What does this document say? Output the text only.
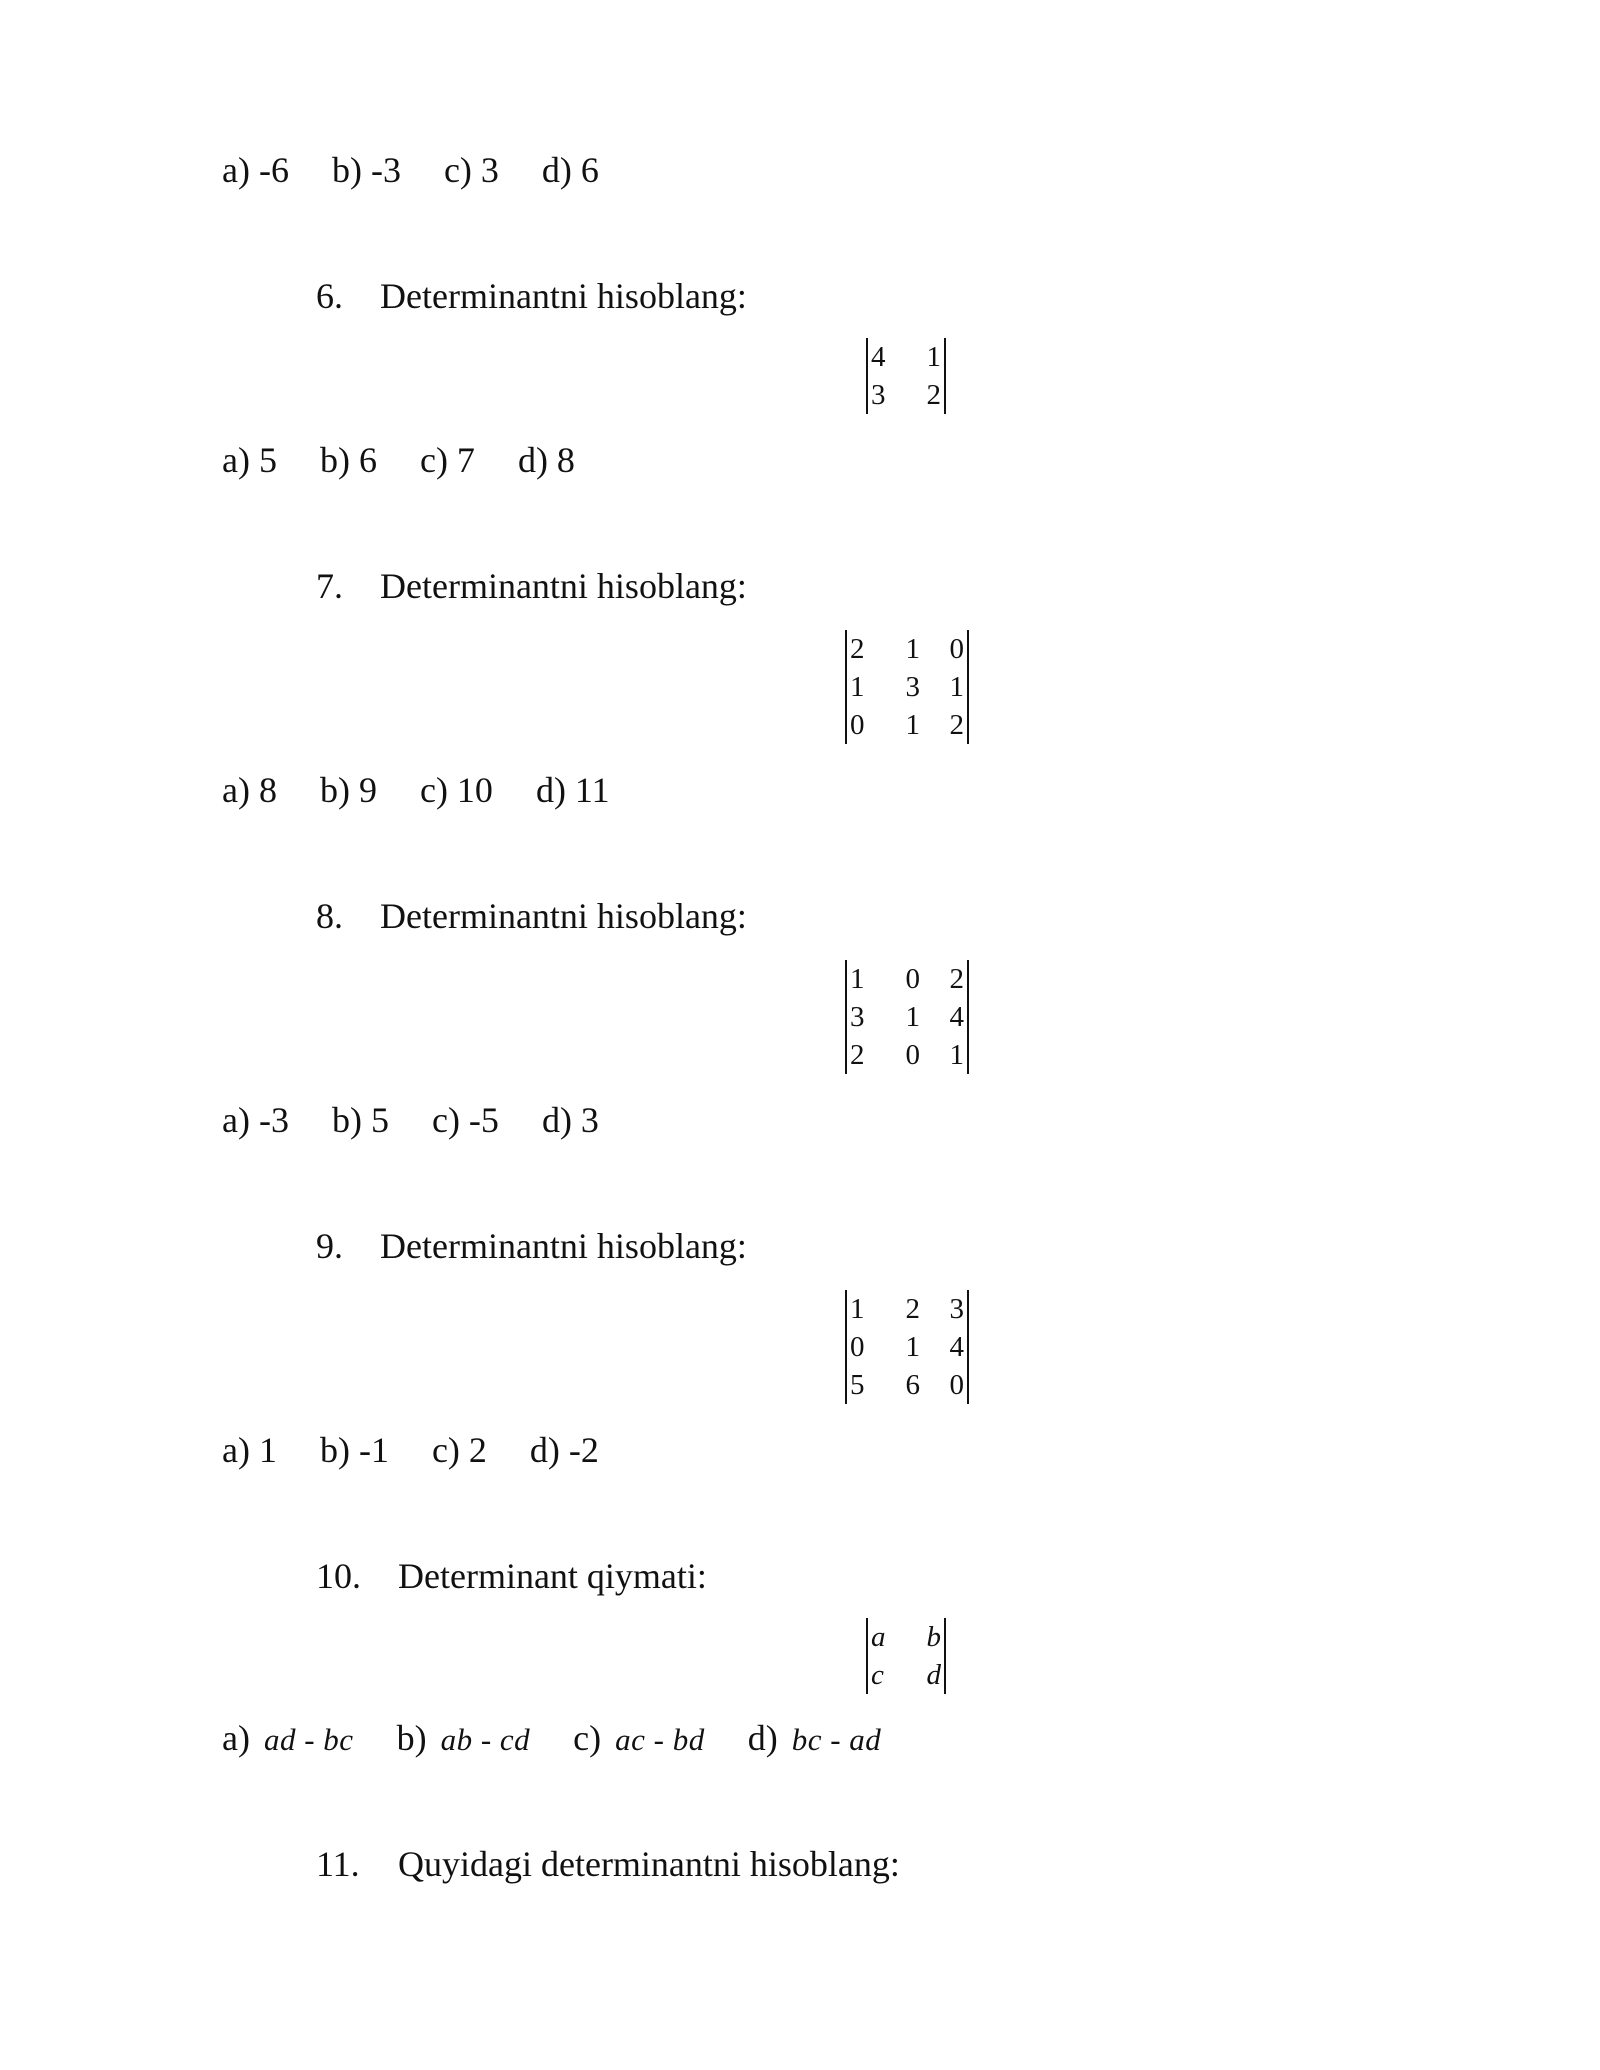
a) -6 b) -3 c) 3 d) 6
6. Determinantni hisoblang:
4	1
3	2
a) 5 b) 6 c) 7 d) 8
7. Determinantni hisoblang:
2	1	0
1	3	1
0	1	2
a) 8 b) 9 c) 10 d) 11
8. Determinantni hisoblang:
1	0	2
3	1	4
2	0	1
a) -3 b) 5 c) -5 d) 3
9. Determinantni hisoblang:
1	2	3
0	1	4
5	6	0
a) 1 b) -1 c) 2 d) -2
10. Determinant qiymati:
a	b
c	d
a) ad - bc b) ab - cd c) ac - bd d) bc - ad
11. Quyidagi determinantni hisoblang:
